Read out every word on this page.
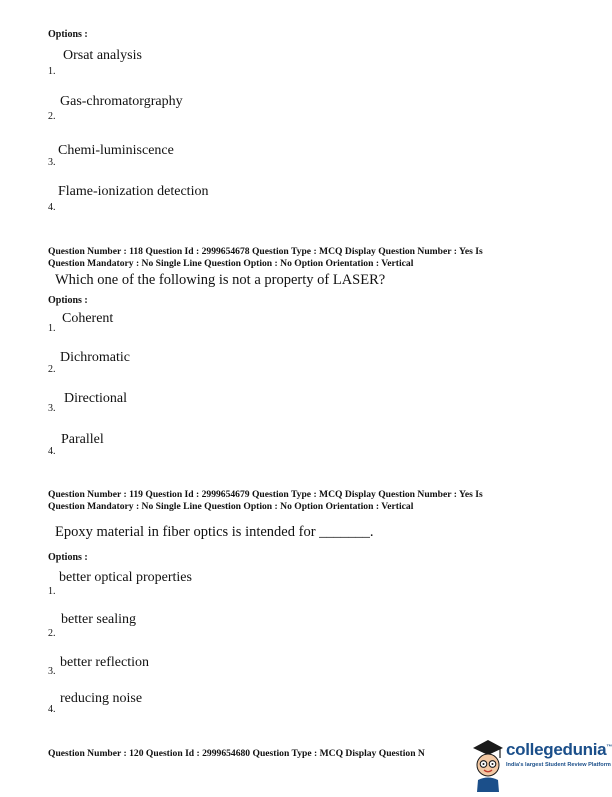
Options :
Orsat analysis
1.
Gas-chromatorgraphy
2.
Chemi-luminiscence
3.
Flame-ionization detection
4.
Question Number : 118 Question Id : 2999654678 Question Type : MCQ Display Question Number : Yes Is
Question Mandatory : No Single Line Question Option : No Option Orientation : Vertical
Which one of the following is not a property of LASER?
Options :
Coherent
1.
Dichromatic
2.
Directional
3.
Parallel
4.
Question Number : 119 Question Id : 2999654679 Question Type : MCQ Display Question Number : Yes Is
Question Mandatory : No Single Line Question Option : No Option Orientation : Vertical
Epoxy material in fiber optics is intended for _______.
Options :
better optical properties
1.
better sealing
2.
better reflection
3.
reducing noise
4.
Question Number : 120 Question Id : 2999654680 Question Type : MCQ Display Question N	collegedunia™
India's largest Student Review Platform
